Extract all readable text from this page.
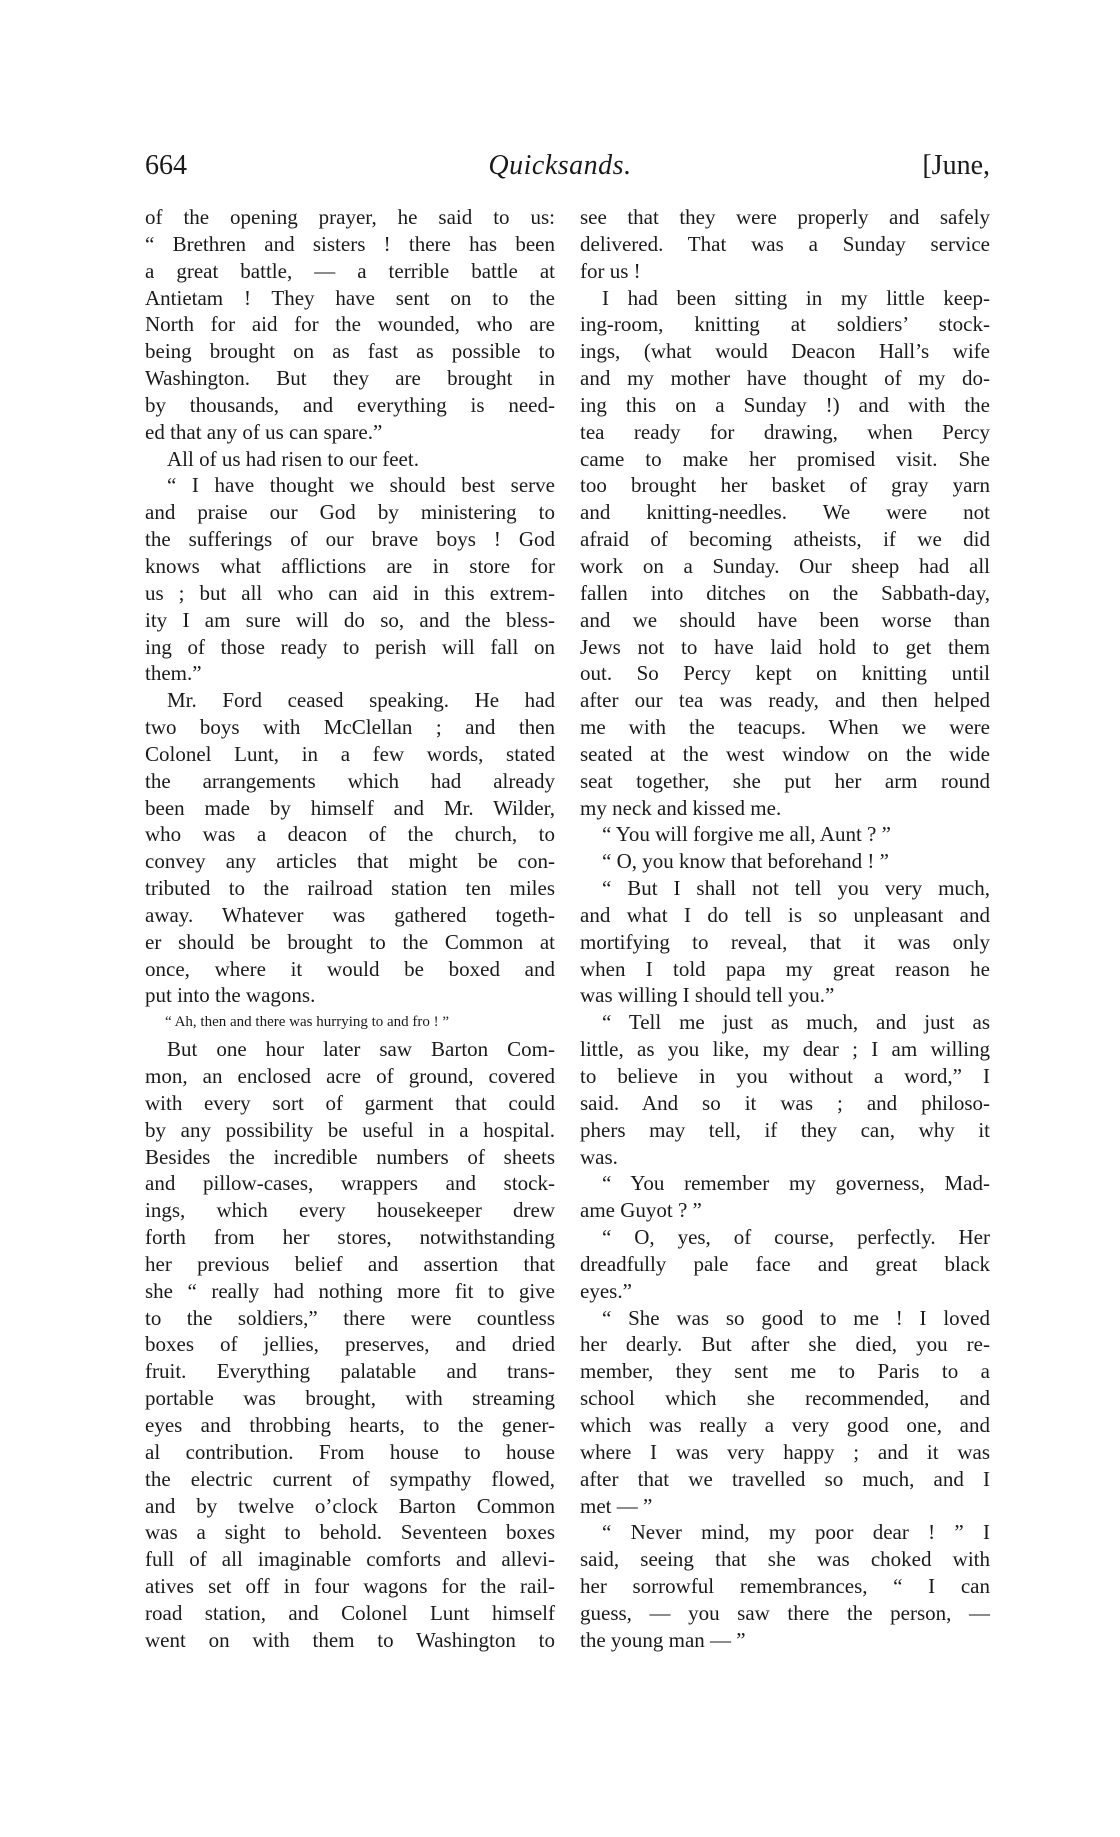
664	Quicksands.	[June,
of the opening prayer, he said to us:
“ Brethren and sisters ! there has been
a great battle, — a terrible battle at
Antietam ! They have sent on to the
North for aid for the wounded, who are
being brought on as fast as possible to
Washington. But they are brought in
by thousands, and everything is need-
ed that any of us can spare.”
All of us had risen to our feet.
“ I have thought we should best serve
and praise our God by ministering to
the sufferings of our brave boys ! God
knows what afflictions are in store for
us ; but all who can aid in this extrem-
ity I am sure will do so, and the bless-
ing of those ready to perish will fall on
them.”
Mr. Ford ceased speaking. He had
two boys with McClellan ; and then
Colonel Lunt, in a few words, stated
the arrangements which had already
been made by himself and Mr. Wilder,
who was a deacon of the church, to
convey any articles that might be con-
tributed to the railroad station ten miles
away. Whatever was gathered togeth-
er should be brought to the Common at
once, where it would be boxed and
put into the wagons.
“ Ah, then and there was hurrying to and fro ! ”
But one hour later saw Barton Com-
mon, an enclosed acre of ground, covered
with every sort of garment that could
by any possibility be useful in a hospital.
Besides the incredible numbers of sheets
and pillow-cases, wrappers and stock-
ings, which every housekeeper drew
forth from her stores, notwithstanding
her previous belief and assertion that
she “ really had nothing more fit to give
to the soldiers,” there were countless
boxes of jellies, preserves, and dried
fruit. Everything palatable and trans-
portable was brought, with streaming
eyes and throbbing hearts, to the gener-
al contribution. From house to house
the electric current of sympathy flowed,
and by twelve o’clock Barton Common
was a sight to behold. Seventeen boxes
full of all imaginable comforts and allevi-
atives set off in four wagons for the rail-
road station, and Colonel Lunt himself
went on with them to Washington to
see that they were properly and safely
delivered. That was a Sunday service
for us !
I had been sitting in my little keep-
ing-room, knitting at soldiers’ stock-
ings, (what would Deacon Hall’s wife
and my mother have thought of my do-
ing this on a Sunday !) and with the
tea ready for drawing, when Percy
came to make her promised visit. She
too brought her basket of gray yarn
and knitting-needles. We were not
afraid of becoming atheists, if we did
work on a Sunday. Our sheep had all
fallen into ditches on the Sabbath-day,
and we should have been worse than
Jews not to have laid hold to get them
out. So Percy kept on knitting until
after our tea was ready, and then helped
me with the teacups. When we were
seated at the west window on the wide
seat together, she put her arm round
my neck and kissed me.
“ You will forgive me all, Aunt ? ”
“ O, you know that beforehand ! ”
“ But I shall not tell you very much,
and what I do tell is so unpleasant and
mortifying to reveal, that it was only
when I told papa my great reason he
was willing I should tell you.”
“ Tell me just as much, and just as
little, as you like, my dear ; I am willing
to believe in you without a word,” I
said. And so it was ; and philoso-
phers may tell, if they can, why it
was.
“ You remember my governess, Mad-
ame Guyot ? ”
“ O, yes, of course, perfectly. Her
dreadfully pale face and great black
eyes.”
“ She was so good to me ! I loved
her dearly. But after she died, you re-
member, they sent me to Paris to a
school which she recommended, and
which was really a very good one, and
where I was very happy ; and it was
after that we travelled so much, and I
met — ”
“ Never mind, my poor dear ! ” I
said, seeing that she was choked with
her sorrowful remembrances, “ I can
guess, — you saw there the person, —
the young man — ”
